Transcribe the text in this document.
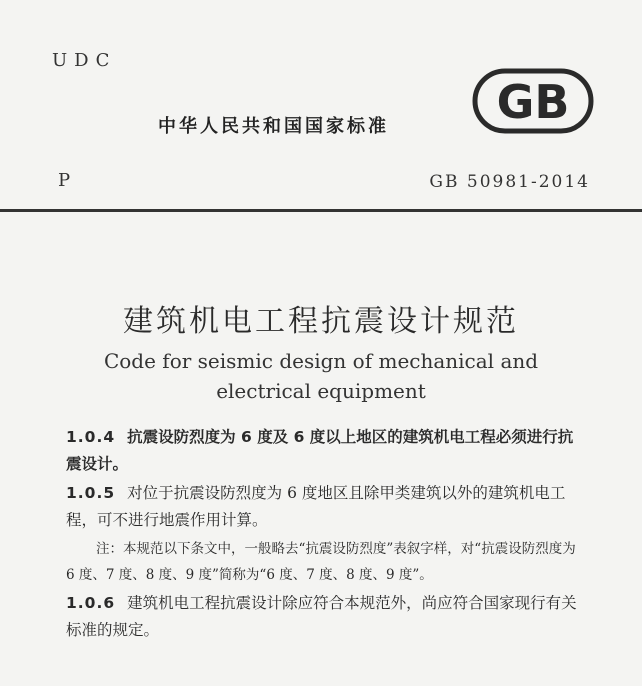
UDC
中华人民共和国国家标准
P	GB 50981-2014
GB
建筑机电工程抗震设计规范
Code for seismic design of mechanical and
electrical equipment
1.0.4 抗震设防烈度为 6 度及 6 度以上地区的建筑机电工程必须进行抗震设计。
1.0.5 对位于抗震设防烈度为 6 度地区且除甲类建筑以外的建筑机电工程，可不进行地震作用计算。
注：本规范以下条文中，一般略去“抗震设防烈度”表叙字样，对“抗震设防烈度为 6 度、7 度、8 度、9 度”简称为“6 度、7 度、8 度、9 度”。
1.0.6 建筑机电工程抗震设计除应符合本规范外，尚应符合国家现行有关标准的规定。
